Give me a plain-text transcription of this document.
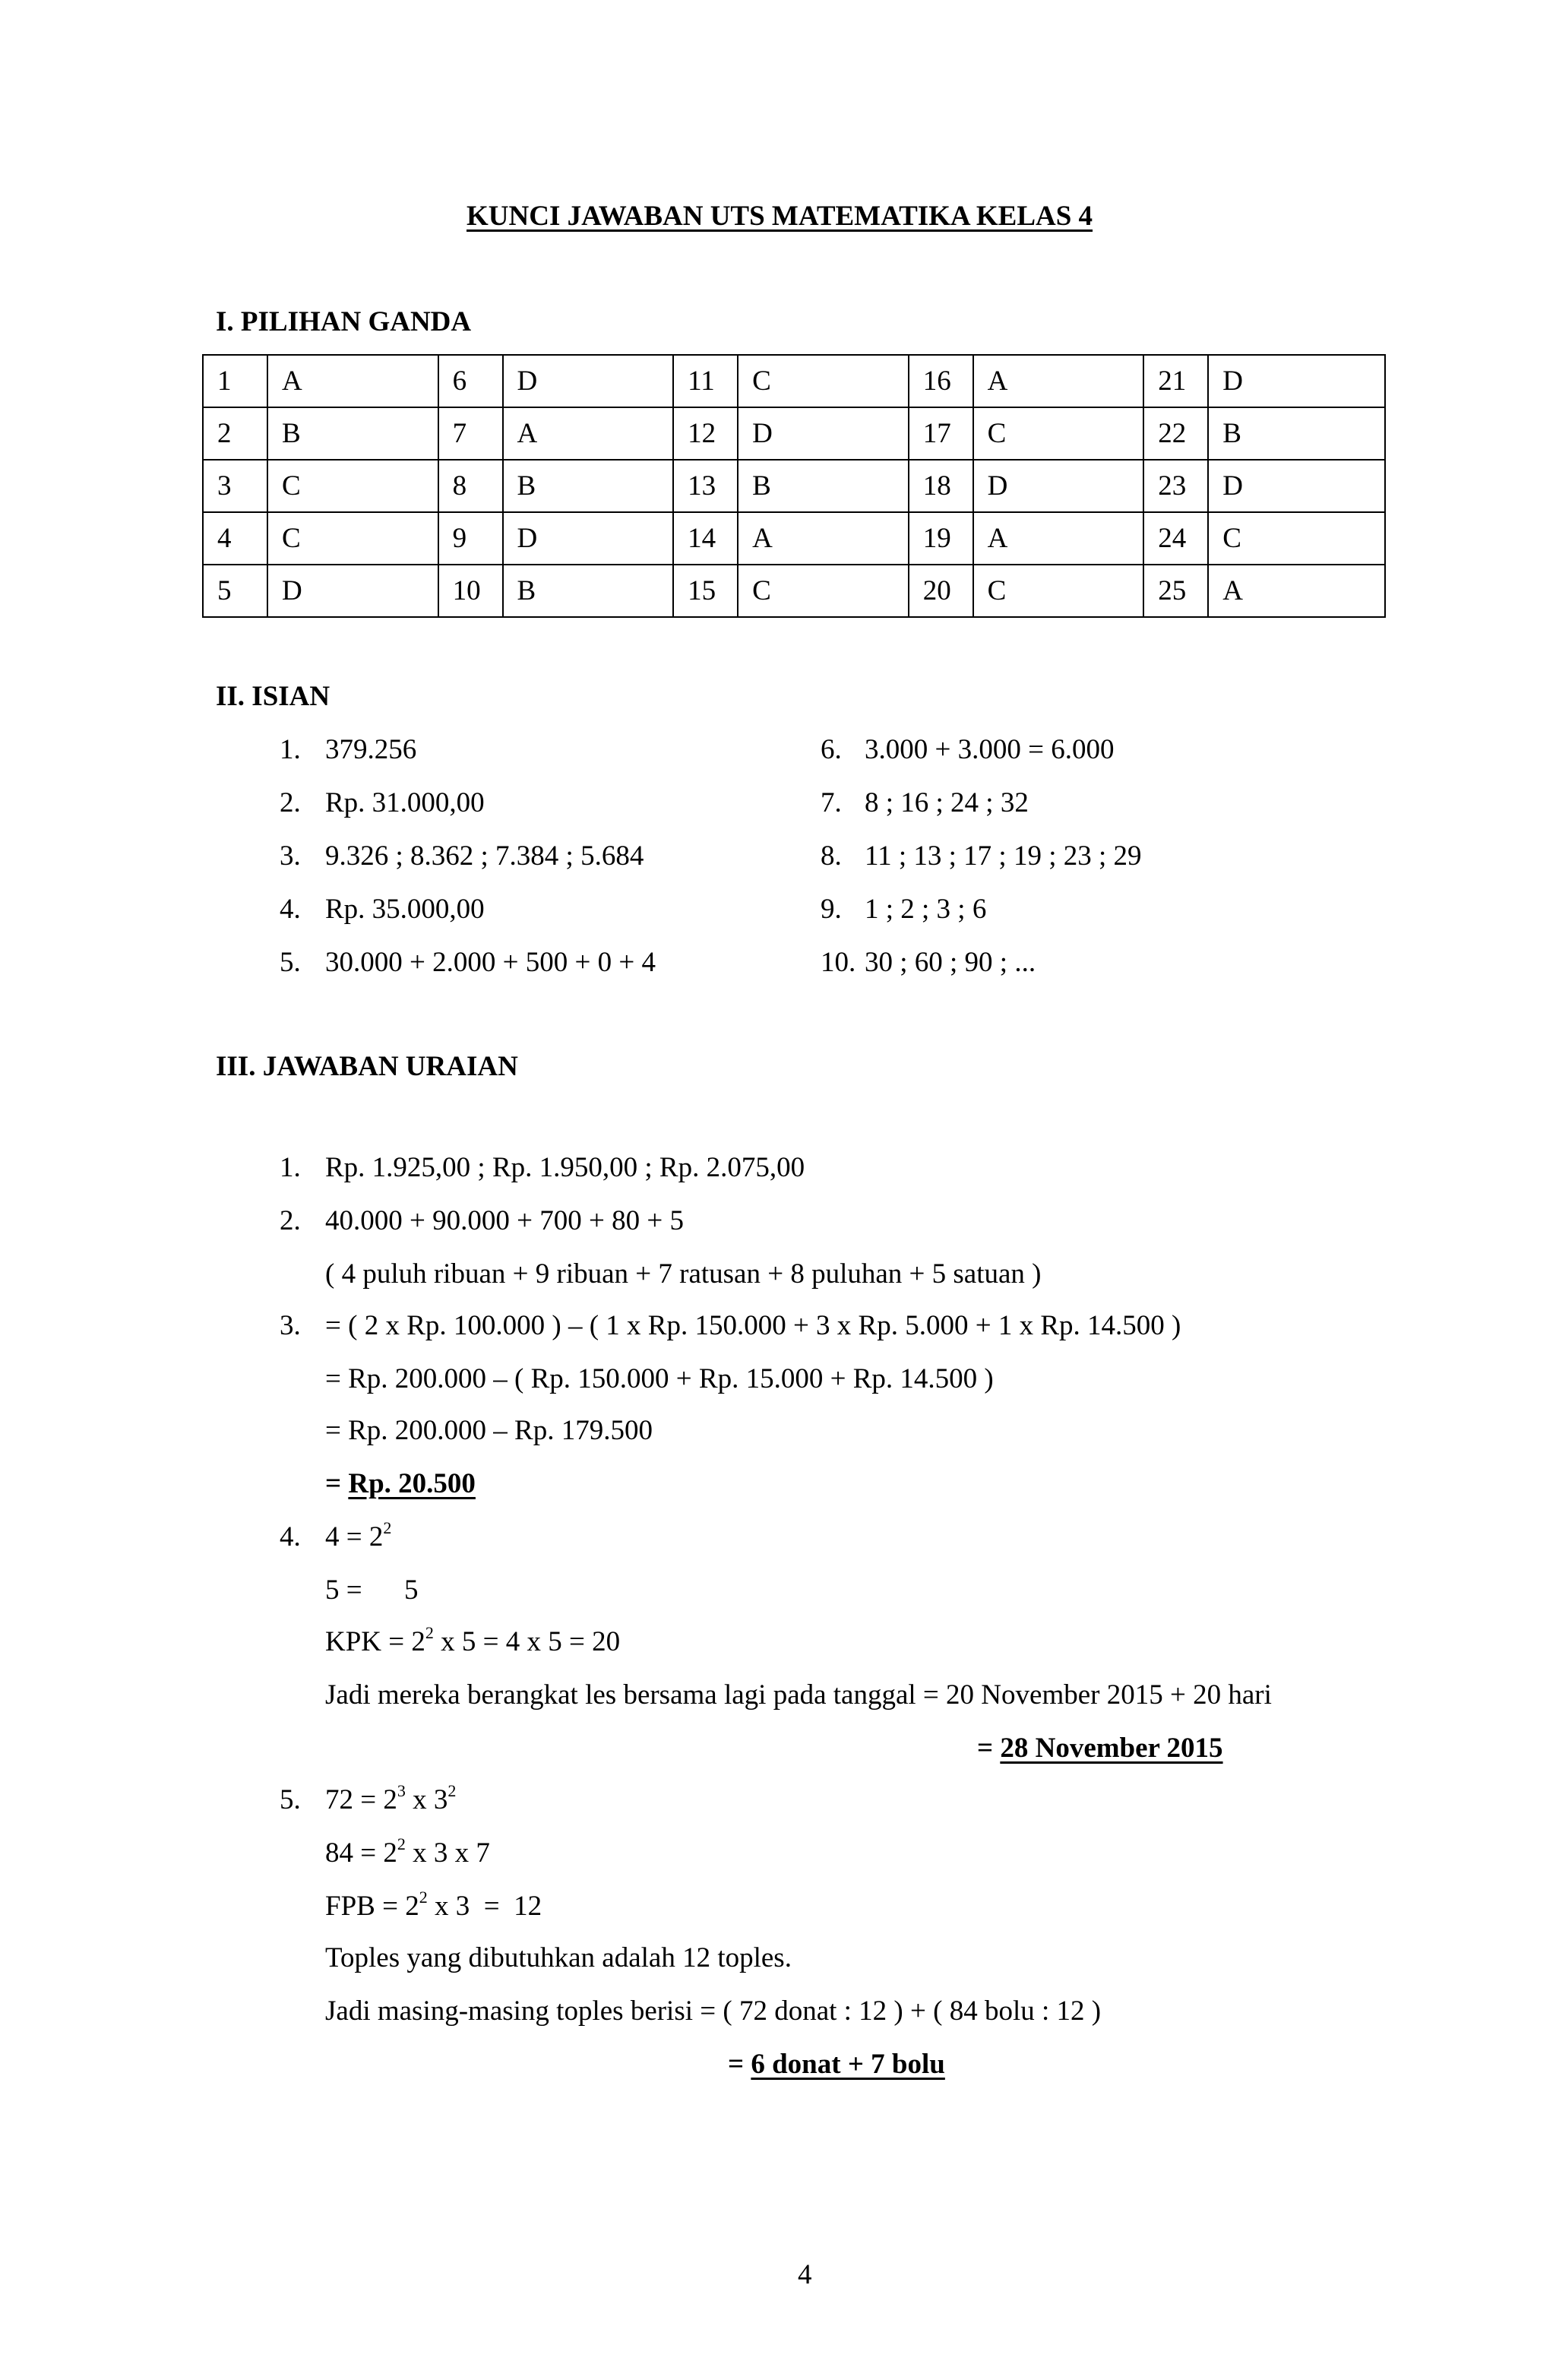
KUNCI JAWABAN UTS MATEMATIKA KELAS 4
I. PILIHAN GANDA
1	A	6	D	11	C	16	A	21	D
2	B	7	A	12	D	17	C	22	B
3	C	8	B	13	B	18	D	23	D
4	C	9	D	14	A	19	A	24	C
5	D	10	B	15	C	20	C	25	A
II. ISIAN
1. 379.256
2. Rp. 31.000,00
3. 9.326 ; 8.362 ; 7.384 ; 5.684
4. Rp. 35.000,00
5. 30.000 + 2.000 + 500 + 0 + 4
6. 3.000 + 3.000 = 6.000
7. 8 ; 16 ; 24 ; 32
8. 11 ; 13 ; 17 ; 19 ; 23 ; 29
9. 1 ; 2 ; 3 ; 6
10. 30 ; 60 ; 90 ; ...
III. JAWABAN URAIAN
1. Rp. 1.925,00 ; Rp. 1.950,00 ; Rp. 2.075,00
2. 40.000 + 90.000 + 700 + 80 + 5
( 4 puluh ribuan + 9 ribuan + 7 ratusan + 8 puluhan + 5 satuan )
3. = ( 2 x Rp. 100.000 ) – ( 1 x Rp. 150.000 + 3 x Rp. 5.000 + 1 x Rp. 14.500 )
= Rp. 200.000 – ( Rp. 150.000 + Rp. 15.000 + Rp. 14.500 )
= Rp. 200.000 – Rp. 179.500
= Rp. 20.500
4. $4 = 2^2$
5 = 5
KPK = $2^2$ x 5 = 4 x 5 = 20
Jadi mereka berangkat les bersama lagi pada tanggal = 20 November 2015 + 20 hari
= 28 November 2015
5. $72 = 2^3$ x $3^2$
$84 = 2^2$ x 3 x 7
FPB = $2^2$ x 3  =  12
Toples yang dibutuhkan adalah 12 toples.
Jadi masing-masing toples berisi = ( 72 donat : 12 ) + ( 84 bolu : 12 )
= 6 donat + 7 bolu
4
